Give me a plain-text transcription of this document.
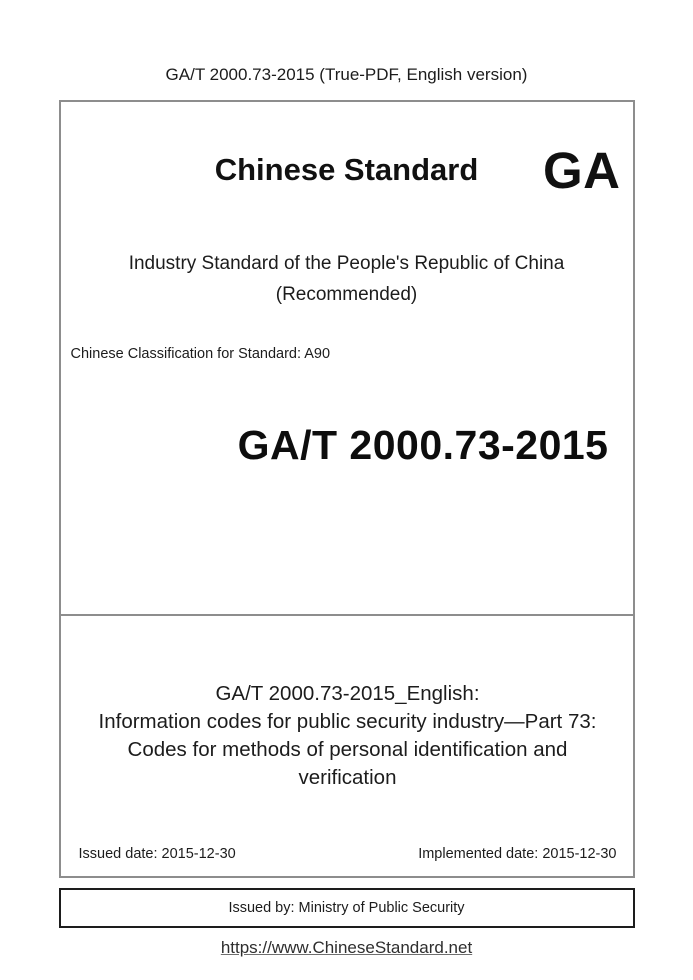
GA/T 2000.73-2015 (True-PDF, English version)
Chinese Standard	GA
Industry Standard of the People's Republic of China
(Recommended)
Chinese Classification for Standard: A90
GA/T 2000.73-2015
GA/T 2000.73-2015_English:
Information codes for public security industry—Part 73:
Codes for methods of personal identification and verification
Issued date: 2015-12-30	Implemented date: 2015-12-30
Issued by: Ministry of Public Security
https://www.ChineseStandard.net
